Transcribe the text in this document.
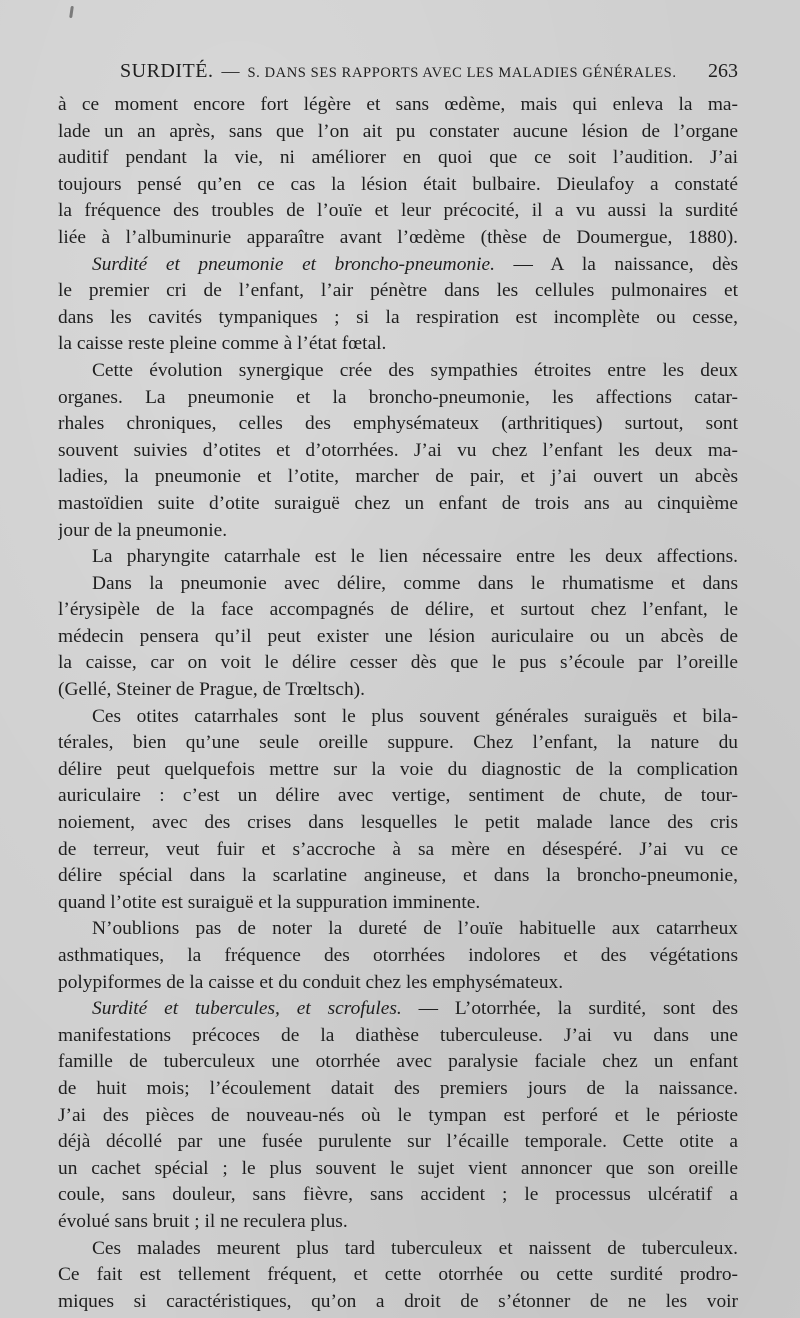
SURDITÉ. — S. DANS SES RAPPORTS AVEC LES MALADIES GÉNÉRALES. 263
à ce moment encore fort légère et sans œdème, mais qui enleva la ma-
lade un an après, sans que l’on ait pu constater aucune lésion de l’organe
auditif pendant la vie, ni améliorer en quoi que ce soit l’audition. J’ai
toujours pensé qu’en ce cas la lésion était bulbaire. Dieulafoy a constaté
la fréquence des troubles de l’ouïe et leur précocité, il a vu aussi la surdité
liée à l’albuminurie apparaître avant l’œdème (thèse de Doumergue, 1880).
Surdité et pneumonie et broncho-pneumonie. — A la naissance, dès
le premier cri de l’enfant, l’air pénètre dans les cellules pulmonaires et
dans les cavités tympaniques ; si la respiration est incomplète ou cesse,
la caisse reste pleine comme à l’état fœtal.
Cette évolution synergique crée des sympathies étroites entre les deux
organes. La pneumonie et la broncho-pneumonie, les affections catar-
rhales chroniques, celles des emphysémateux (arthritiques) surtout, sont
souvent suivies d’otites et d’otorrhées. J’ai vu chez l’enfant les deux ma-
ladies, la pneumonie et l’otite, marcher de pair, et j’ai ouvert un abcès
mastoïdien suite d’otite suraiguë chez un enfant de trois ans au cinquième
jour de la pneumonie.
La pharyngite catarrhale est le lien nécessaire entre les deux affections.
Dans la pneumonie avec délire, comme dans le rhumatisme et dans
l’érysipèle de la face accompagnés de délire, et surtout chez l’enfant, le
médecin pensera qu’il peut exister une lésion auriculaire ou un abcès de
la caisse, car on voit le délire cesser dès que le pus s’écoule par l’oreille
(Gellé, Steiner de Prague, de Trœltsch).
Ces otites catarrhales sont le plus souvent générales suraiguës et bila-
térales, bien qu’une seule oreille suppure. Chez l’enfant, la nature du
délire peut quelquefois mettre sur la voie du diagnostic de la complication
auriculaire : c’est un délire avec vertige, sentiment de chute, de tour-
noiement, avec des crises dans lesquelles le petit malade lance des cris
de terreur, veut fuir et s’accroche à sa mère en désespéré. J’ai vu ce
délire spécial dans la scarlatine angineuse, et dans la broncho-pneumonie,
quand l’otite est suraiguë et la suppuration imminente.
N’oublions pas de noter la dureté de l’ouïe habituelle aux catarrheux
asthmatiques, la fréquence des otorrhées indolores et des végétations
polypiformes de la caisse et du conduit chez les emphysémateux.
Surdité et tubercules, et scrofules. — L’otorrhée, la surdité, sont des
manifestations précoces de la diathèse tuberculeuse. J’ai vu dans une
famille de tuberculeux une otorrhée avec paralysie faciale chez un enfant
de huit mois; l’écoulement datait des premiers jours de la naissance.
J’ai des pièces de nouveau-nés où le tympan est perforé et le périoste
déjà décollé par une fusée purulente sur l’écaille temporale. Cette otite a
un cachet spécial ; le plus souvent le sujet vient annoncer que son oreille
coule, sans douleur, sans fièvre, sans accident ; le processus ulcératif a
évolué sans bruit ; il ne reculera plus.
Ces malades meurent plus tard tuberculeux et naissent de tuberculeux.
Ce fait est tellement fréquent, et cette otorrhée ou cette surdité prodro-
miques si caractéristiques, qu’on a droit de s’étonner de ne les voir
